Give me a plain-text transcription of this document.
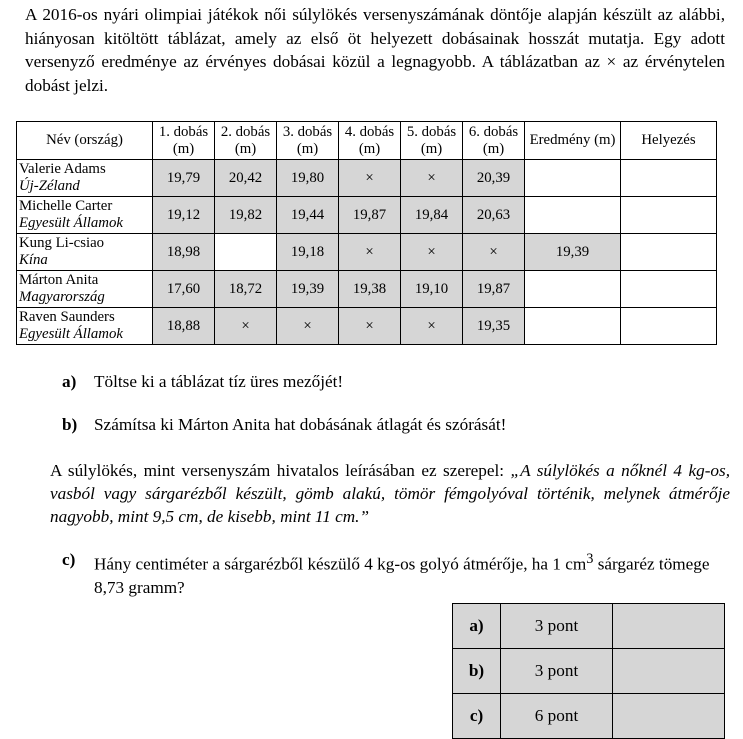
A 2016-os nyári olimpiai játékok női súlylökés versenyszámának döntője alapján készült az alábbi, hiányosan kitöltött táblázat, amely az első öt helyezett dobásainak hosszát mutatja. Egy adott versenyző eredménye az érvényes dobásai közül a legnagyobb. A táblázatban az × az érvénytelen dobást jelzi.

Név (ország)	1. dobás (m)	2. dobás (m)	3. dobás (m)	4. dobás (m)	5. dobás (m)	6. dobás (m)	Eredmény (m)	Helyezés

Valerie Adams
Új-Zéland	19,79	20,42	19,80	×	×	20,39		

Michelle Carter
Egyesült Államok	19,12	19,82	19,44	19,87	19,84	20,63		

Kung Li-csiao
Kína	18,98		19,18	×	×	×	19,39	

Márton Anita
Magyarország	17,60	18,72	19,39	19,38	19,10	19,87		

Raven Saunders
Egyesült Államok	18,88	×	×	×	×	19,35		

a) Töltse ki a táblázat tíz üres mezőjét!

b) Számítsa ki Márton Anita hat dobásának átlagát és szórását!

A súlylökés, mint versenyszám hivatalos leírásában ez szerepel: „A súlylökés a nőknél 4 kg-os, vasból vagy sárgarézből készült, gömb alakú, tömör fémgolyóval történik, melynek átmérője nagyobb, mint 9,5 cm, de kisebb, mint 11 cm.”

c) Hány centiméter a sárgarézből készülő 4 kg-os golyó átmérője, ha 1 $cm^3$ sárgaréz tömege 8,73 gramm?
a)	3 pont	
b)	3 pont	
c)	6 pont	
